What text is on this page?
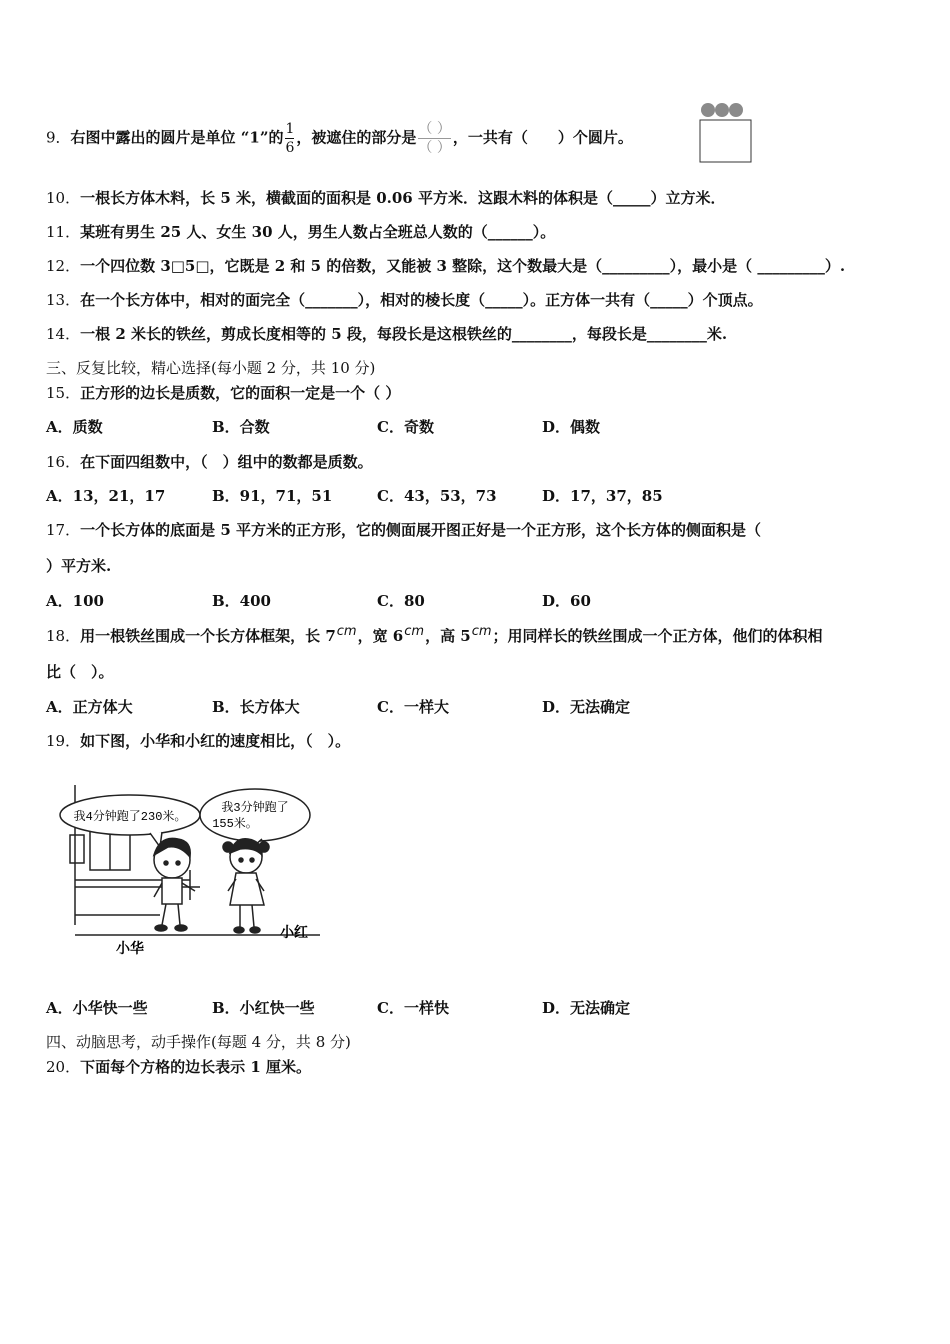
9．右图中露出的圆片是单位 “1”的 $\frac{1}{6}$ ，被遮住的部分是 $\frac{( )}{( )}$ ，一共有（　　）个圆片。
10．一根长方体木料，长 5 米，横截面的面积是 0.06 平方米．这跟木料的体积是（_____）立方米．
11．某班有男生 25 人、女生 30 人，男生人数占全班总人数的（______）。
12．一个四位数 3□5□，它既是 2 和 5 的倍数，又能被 3 整除，这个数最大是（_________），最小是（ _________）.
13．在一个长方体中，相对的面完全（_______），相对的棱长度（_____）。正方体一共有（_____）个顶点。
14．一根 2 米长的铁丝，剪成长度相等的 5 段，每段长是这根铁丝的________，每段长是________米.
三、反复比较，精心选择(每小题 2 分，共 10 分)
15．正方形的边长是质数，它的面积一定是一个（ ）
A．质数	B．合数	C．奇数	D．偶数
16．在下面四组数中，（　）组中的数都是质数。
A．13，21，17	B．91，71，51	C．43，53，73	D．17，37，85
17．一个长方体的底面是 5 平方米的正方形，它的侧面展开图正好是一个正方形，这个长方体的侧面积是（
）平方米.
A．100	B．400	C．80	D．60
18．用一根铁丝围成一个长方体框架，长 7cm，宽 6cm，高 5cm；用同样长的铁丝围成一个正方体，他们的体积相
比（　）。
A．正方体大	B．长方体大	C．一样大	D．无法确定
19．如下图，小华和小红的速度相比，（　）。
我4分钟跑了230米。
我3分钟跑了
155米。
小华
小红
A．小华快一些	B．小红快一些	C．一样快	D．无法确定
四、动脑思考，动手操作(每题 4 分，共 8 分)
20．下面每个方格的边长表示 1 厘米。
